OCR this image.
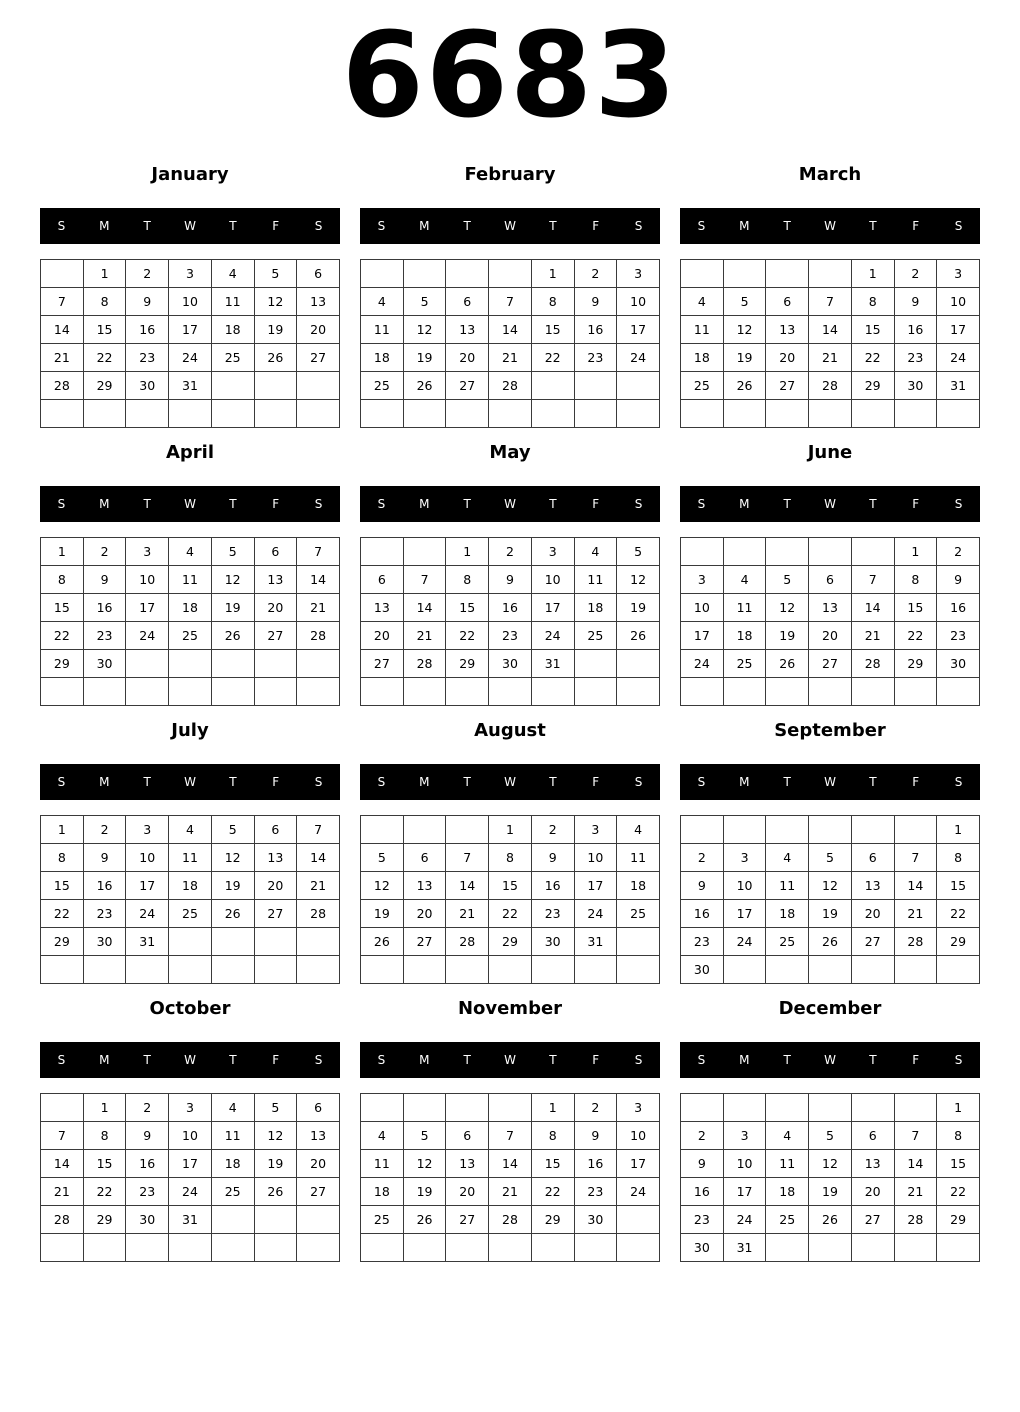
6683
January
S	M	T	W	T	F	S
	1	2	3	4	5	6
7	8	9	10	11	12	13
14	15	16	17	18	19	20
21	22	23	24	25	26	27
28	29	30	31			

February
S	M	T	W	T	F	S
				1	2	3
4	5	6	7	8	9	10
11	12	13	14	15	16	17
18	19	20	21	22	23	24
25	26	27	28			

March
S	M	T	W	T	F	S
				1	2	3
4	5	6	7	8	9	10
11	12	13	14	15	16	17
18	19	20	21	22	23	24
25	26	27	28	29	30	31

April
S	M	T	W	T	F	S
1	2	3	4	5	6	7
8	9	10	11	12	13	14
15	16	17	18	19	20	21
22	23	24	25	26	27	28
29	30					

May
S	M	T	W	T	F	S
		1	2	3	4	5
6	7	8	9	10	11	12
13	14	15	16	17	18	19
20	21	22	23	24	25	26
27	28	29	30	31		

June
S	M	T	W	T	F	S
					1	2
3	4	5	6	7	8	9
10	11	12	13	14	15	16
17	18	19	20	21	22	23
24	25	26	27	28	29	30

July
S	M	T	W	T	F	S
1	2	3	4	5	6	7
8	9	10	11	12	13	14
15	16	17	18	19	20	21
22	23	24	25	26	27	28
29	30	31				

August
S	M	T	W	T	F	S
			1	2	3	4
5	6	7	8	9	10	11
12	13	14	15	16	17	18
19	20	21	22	23	24	25
26	27	28	29	30	31	

September
S	M	T	W	T	F	S
						1
2	3	4	5	6	7	8
9	10	11	12	13	14	15
16	17	18	19	20	21	22
23	24	25	26	27	28	29
30						
October
S	M	T	W	T	F	S
	1	2	3	4	5	6
7	8	9	10	11	12	13
14	15	16	17	18	19	20
21	22	23	24	25	26	27
28	29	30	31			

November
S	M	T	W	T	F	S
				1	2	3
4	5	6	7	8	9	10
11	12	13	14	15	16	17
18	19	20	21	22	23	24
25	26	27	28	29	30	

December
S	M	T	W	T	F	S
						1
2	3	4	5	6	7	8
9	10	11	12	13	14	15
16	17	18	19	20	21	22
23	24	25	26	27	28	29
30	31					
